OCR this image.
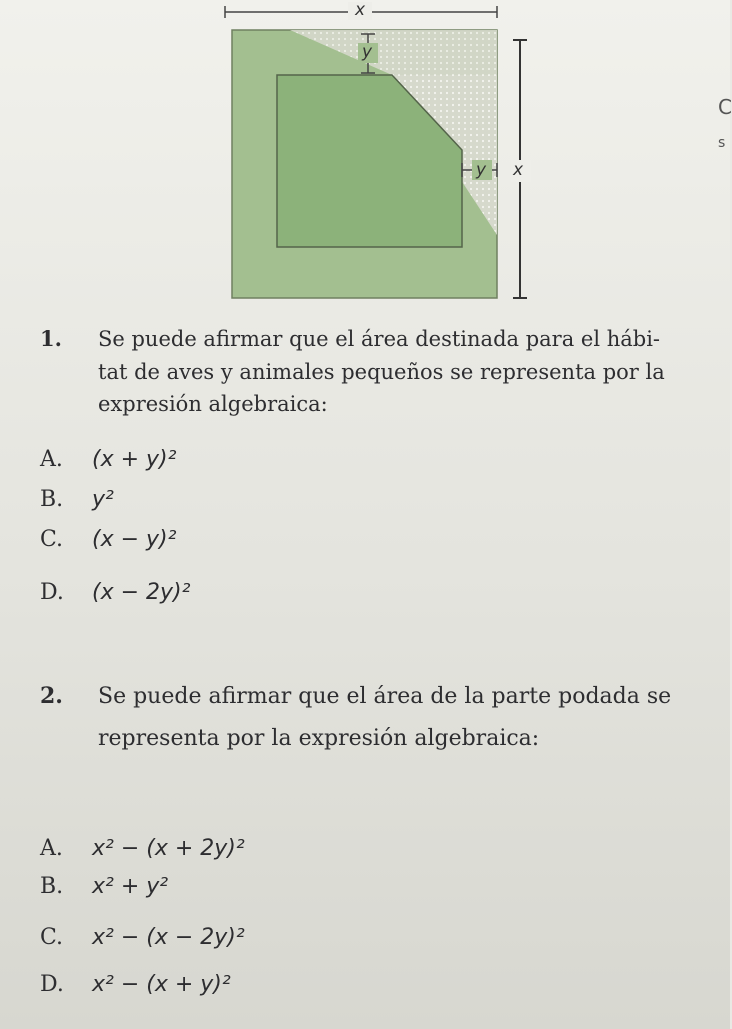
x
y
y x
C
s
1. Se puede afirmar que el área destinada para el hábi-
tat de aves y animales pequeños se representa por la
expresión algebraica:
A. (x + y)²
B. y²
C. (x − y)²
D. (x − 2y)²
2. Se puede afirmar que el área de la parte podada se
representa por la expresión algebraica:
A. x² − (x + 2y)²
B. x² + y²
C. x² − (x − 2y)²
D. x² − (x + y)²
